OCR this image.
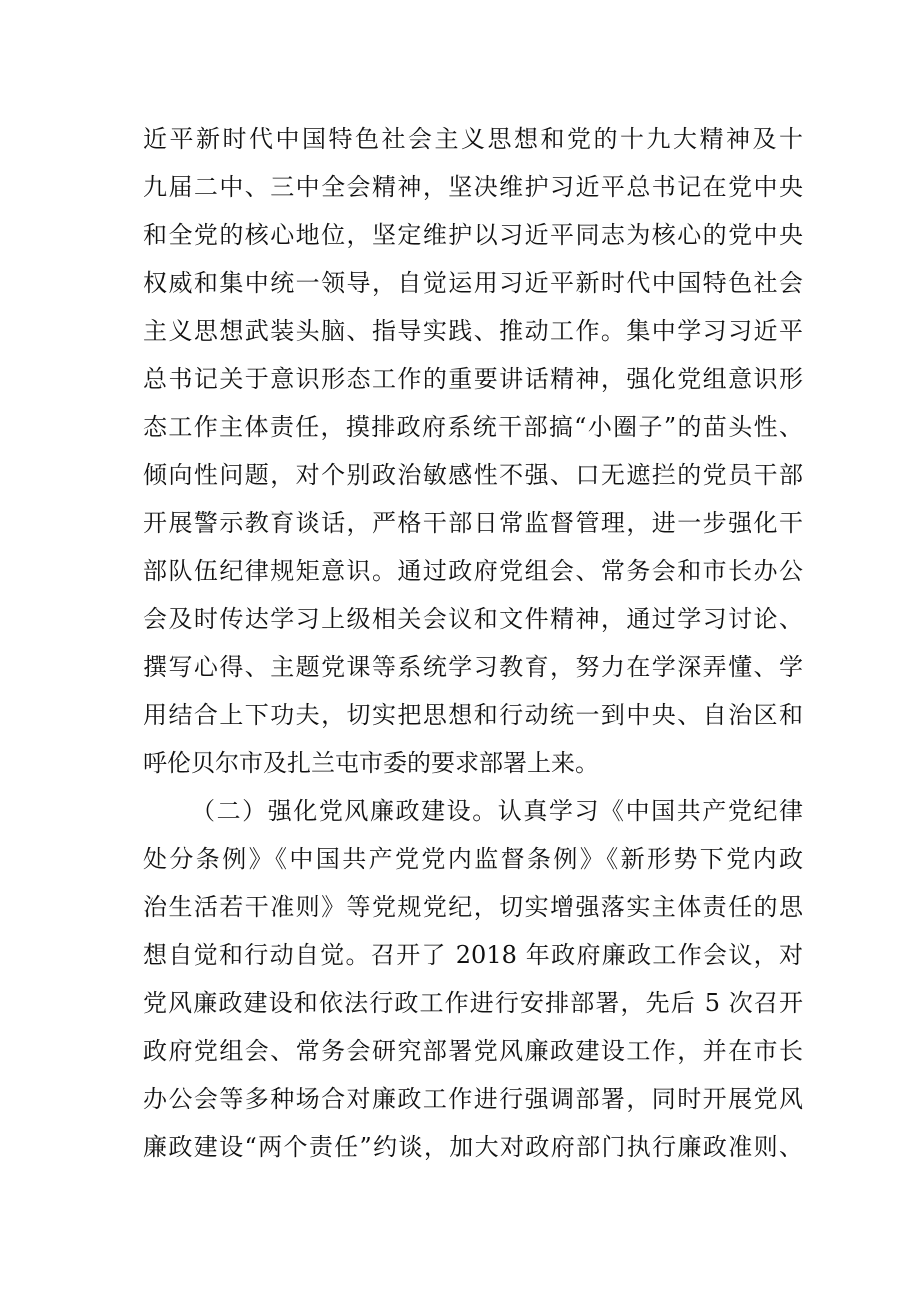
近平新时代中国特色社会主义思想和党的十九大精神及十
九届二中、三中全会精神，坚决维护习近平总书记在党中央
和全党的核心地位，坚定维护以习近平同志为核心的党中央
权威和集中统一领导，自觉运用习近平新时代中国特色社会
主义思想武装头脑、指导实践、推动工作。集中学习习近平
总书记关于意识形态工作的重要讲话精神，强化党组意识形
态工作主体责任，摸排政府系统干部搞“小圈子”的苗头性、
倾向性问题，对个别政治敏感性不强、口无遮拦的党员干部
开展警示教育谈话，严格干部日常监督管理，进一步强化干
部队伍纪律规矩意识。通过政府党组会、常务会和市长办公
会及时传达学习上级相关会议和文件精神，通过学习讨论、
撰写心得、主题党课等系统学习教育，努力在学深弄懂、学
用结合上下功夫，切实把思想和行动统一到中央、自治区和
呼伦贝尔市及扎兰屯市委的要求部署上来。
（二）强化党风廉政建设。认真学习《中国共产党纪律
处分条例》《中国共产党党内监督条例》《新形势下党内政
治生活若干准则》等党规党纪，切实增强落实主体责任的思
想自觉和行动自觉。召开了 2018 年政府廉政工作会议，对
党风廉政建设和依法行政工作进行安排部署，先后 5 次召开
政府党组会、常务会研究部署党风廉政建设工作，并在市长
办公会等多种场合对廉政工作进行强调部署，同时开展党风
廉政建设“两个责任”约谈，加大对政府部门执行廉政准则、
